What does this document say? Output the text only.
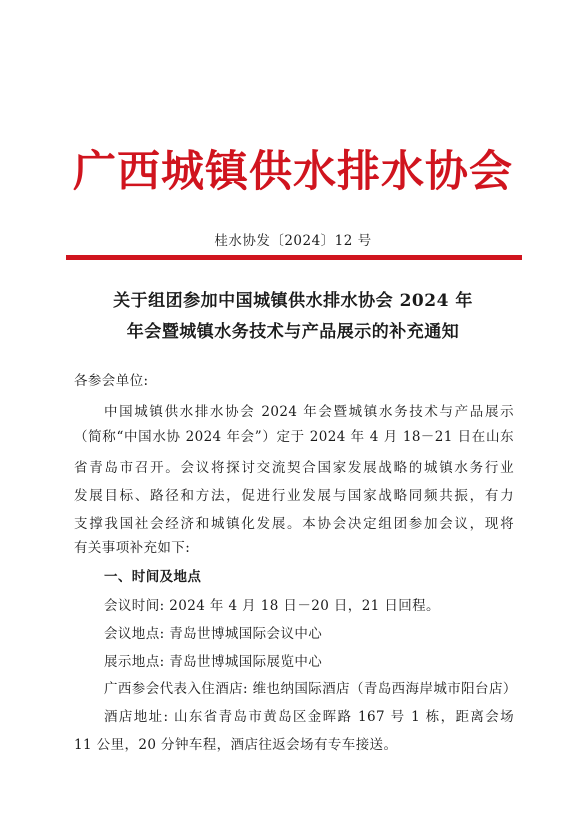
广西城镇供水排水协会
桂水协发〔2024〕12 号
关于组团参加中国城镇供水排水协会 2024 年
年会暨城镇水务技术与产品展示的补充通知
各参会单位:
中国城镇供水排水协会 2024 年会暨城镇水务技术与产品展示
（简称“中国水协 2024 年会”）定于 2024 年 4 月 18－21 日在山东
省青岛市召开。会议将探讨交流契合国家发展战略的城镇水务行业
发展目标、路径和方法，促进行业发展与国家战略同频共振，有力
支撑我国社会经济和城镇化发展。本协会决定组团参加会议，现将
有关事项补充如下:
一、时间及地点
会议时间: 2024 年 4 月 18 日－20 日，21 日回程。
会议地点: 青岛世博城国际会议中心
展示地点: 青岛世博城国际展览中心
广西参会代表入住酒店: 维也纳国际酒店（青岛西海岸城市阳台店）
酒店地址: 山东省青岛市黄岛区金晖路 167 号 1 栋，距离会场
11 公里，20 分钟车程，酒店往返会场有专车接送。
